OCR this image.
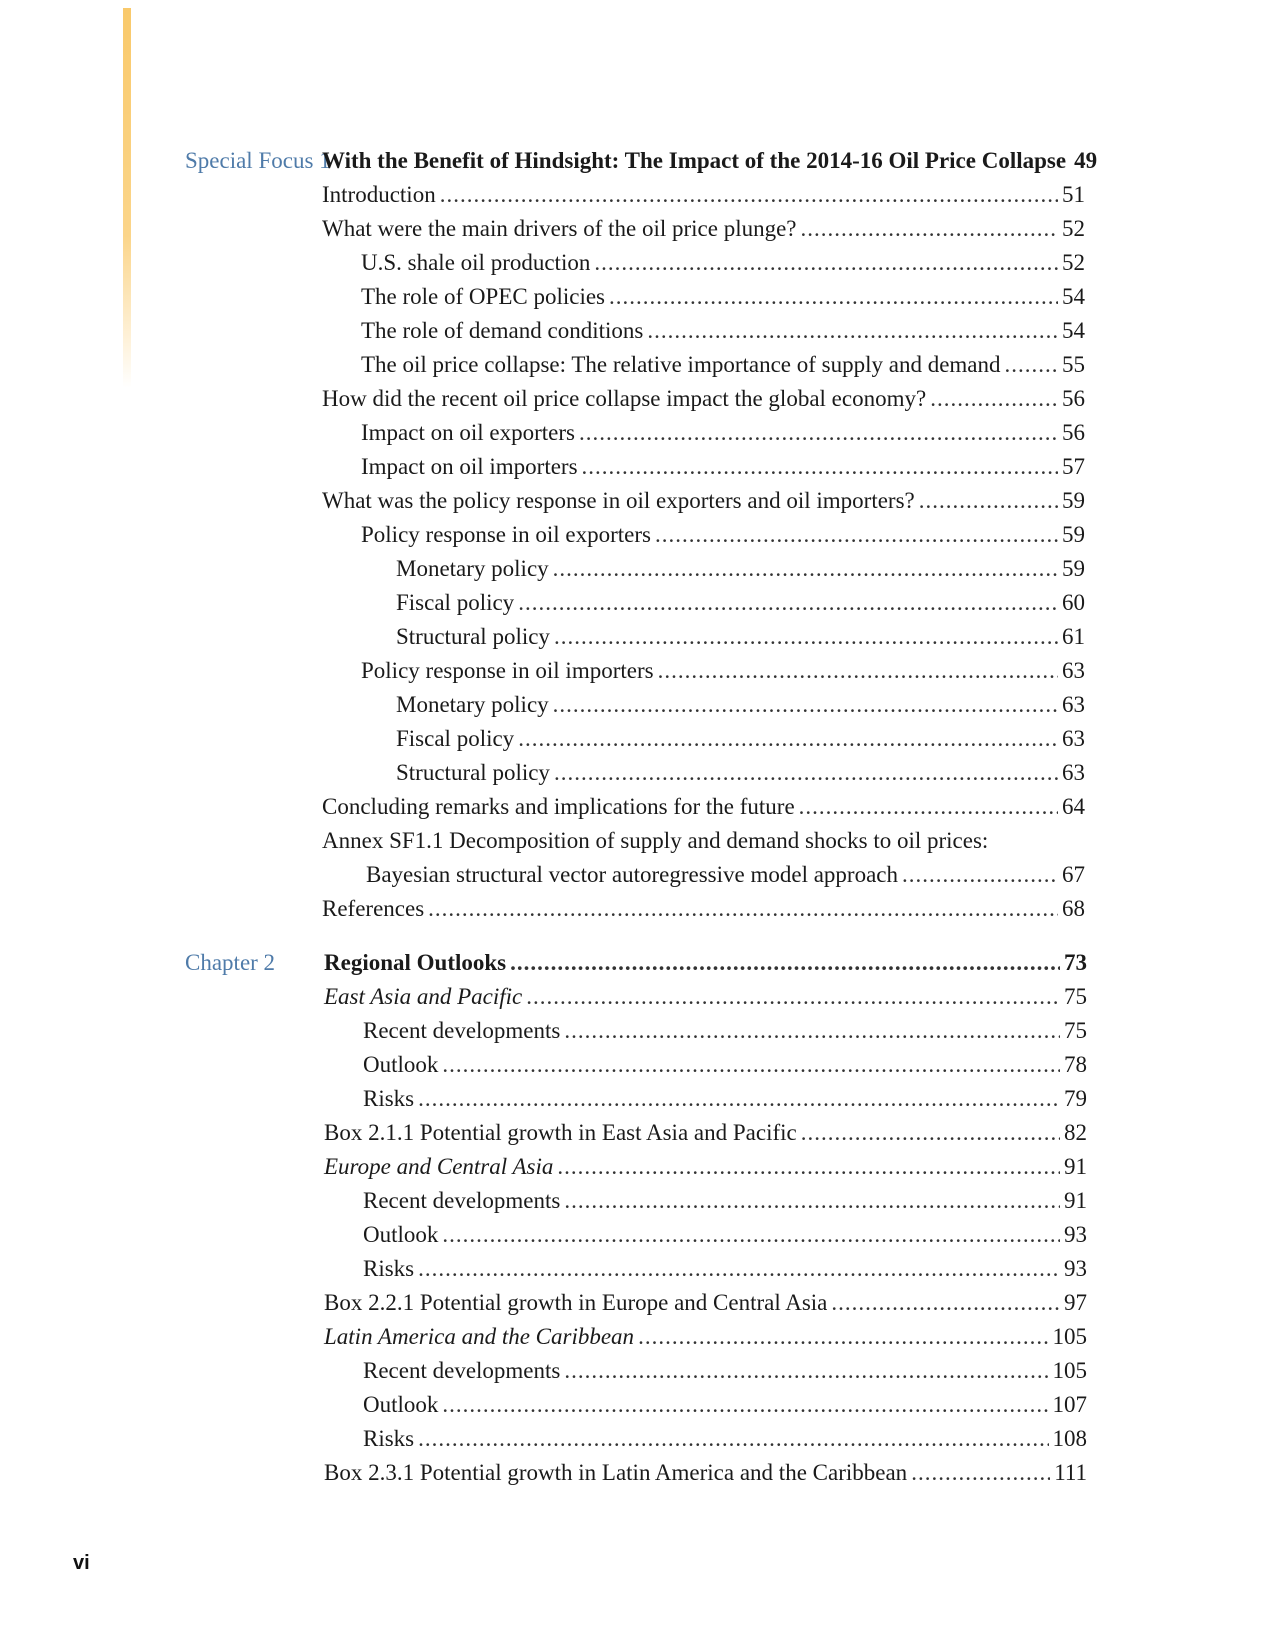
Special Focus 1
With the Benefit of Hindsight: The Impact of the 2014-16 Oil Price Collapse 49
Introduction .....	51
What were the main drivers of the oil price plunge? .....	52
U.S. shale oil production .....	52
The role of OPEC policies .....	54
The role of demand conditions .....	54
The oil price collapse: The relative importance of supply and demand .....	55
How did the recent oil price collapse impact the global economy? .....	56
Impact on oil exporters .....	56
Impact on oil importers .....	57
What was the policy response in oil exporters and oil importers? .....	59
Policy response in oil exporters .....	59
Monetary policy .....	59
Fiscal policy .....	60
Structural policy .....	61
Policy response in oil importers .....	63
Monetary policy .....	63
Fiscal policy .....	63
Structural policy .....	63
Concluding remarks and implications for the future .....	64
Annex SF1.1 Decomposition of supply and demand shocks to oil prices:
Bayesian structural vector autoregressive model approach .....	67
References .....	68
Chapter 2 Regional Outlooks .....	73
East Asia and Pacific .....	75
Recent developments .....	75
Outlook .....	78
Risks .....	79
Box 2.1.1 Potential growth in East Asia and Pacific .....	82
Europe and Central Asia .....	91
Recent developments .....	91
Outlook .....	93
Risks .....	93
Box 2.2.1 Potential growth in Europe and Central Asia .....	97
Latin America and the Caribbean .....	105
Recent developments .....	105
Outlook .....	107
Risks .....	108
Box 2.3.1 Potential growth in Latin America and the Caribbean .....	111
vi
